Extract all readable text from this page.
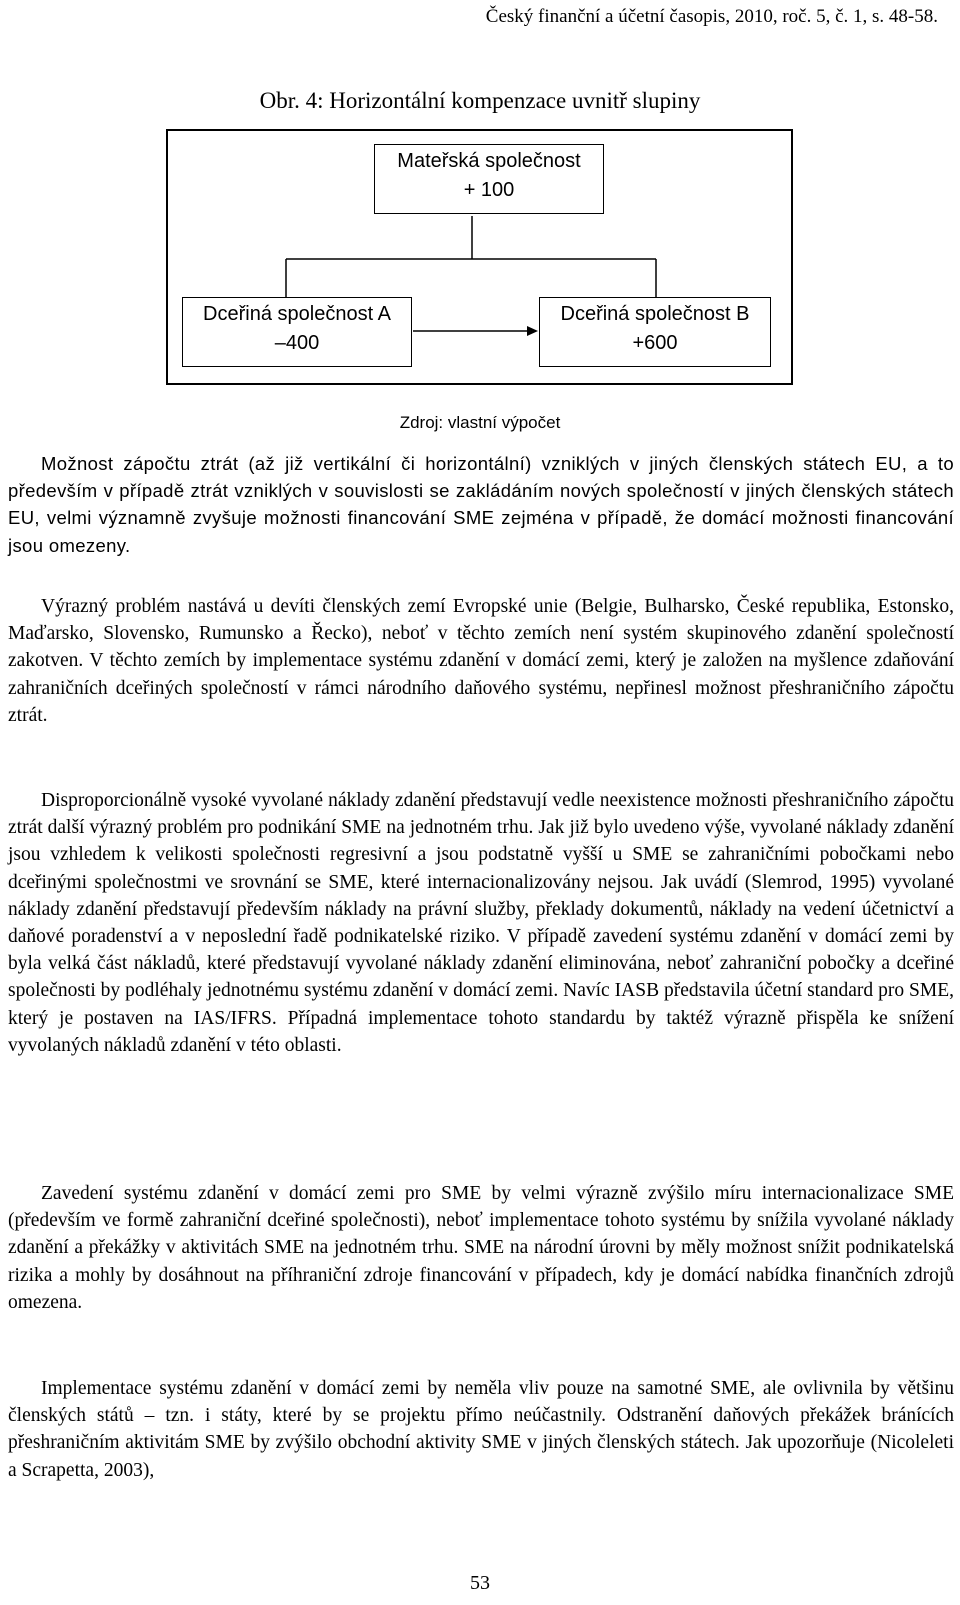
Český finanční a účetní časopis, 2010, roč. 5, č. 1, s. 48-58.
Obr. 4: Horizontální kompenzace uvnitř slupiny
Mateřská společnost
+ 100
Dceřiná společnost A
–400
Dceřiná společnost B
+600
Zdroj: vlastní výpočet

Možnost zápočtu ztrát (až již vertikální či horizontální) vzniklých v jiných členských státech EU, a to především v případě ztrát vzniklých v souvislosti se zakládáním nových společností v jiných členských státech EU, velmi významně zvyšuje možnosti financování SME zejména v případě, že domácí možnosti financování jsou omezeny.

Výrazný problém nastává u devíti členských zemí Evropské unie (Belgie, Bulharsko, České republika, Estonsko, Maďarsko, Slovensko, Rumunsko a Řecko), neboť v těchto zemích není systém skupinového zdanění společností zakotven. V těchto zemích by implementace systému zdanění v domácí zemi, který je založen na myšlence zdaňování zahraničních dceřiných společností v rámci národního daňového systému, nepřinesl možnost přeshraničního zápočtu ztrát.

Disproporcionálně vysoké vyvolané náklady zdanění představují vedle neexistence možnosti přeshraničního zápočtu ztrát další výrazný problém pro podnikání SME na jednotném trhu. Jak již bylo uvedeno výše, vyvolané náklady zdanění jsou vzhledem k velikosti společnosti regresivní a jsou podstatně vyšší u SME se zahraničními pobočkami nebo dceřinými společnostmi ve srovnání se SME, které internacionalizovány nejsou. Jak uvádí (Slemrod, 1995) vyvolané náklady zdanění představují především náklady na právní služby, překlady dokumentů, náklady na vedení účetnictví a daňové poradenství a v neposlední řadě podnikatelské riziko. V případě zavedení systému zdanění v domácí zemi by byla velká část nákladů, které představují vyvolané náklady zdanění eliminována, neboť zahraniční pobočky a dceřiné společnosti by podléhaly jednotnému systému zdanění v domácí zemi. Navíc IASB představila účetní standard pro SME, který je postaven na IAS/IFRS. Případná implementace tohoto standardu by taktéž výrazně přispěla ke snížení vyvolaných nákladů zdanění v této oblasti.

Zavedení systému zdanění v domácí zemi pro SME by velmi výrazně zvýšilo míru internacionalizace SME (především ve formě zahraniční dceřiné společnosti), neboť implementace tohoto systému by snížila vyvolané náklady zdanění a překážky v aktivitách SME na jednotném trhu. SME na národní úrovni by měly možnost snížit podnikatelská rizika a mohly by dosáhnout na příhraniční zdroje financování v případech, kdy je domácí nabídka finančních zdrojů omezena.

Implementace systému zdanění v domácí zemi by neměla vliv pouze na samotné SME, ale ovlivnila by většinu členských států – tzn. i státy, které by se projektu přímo neúčastnily. Odstranění daňových překážek bránících přeshraničním aktivitám SME by zvýšilo obchodní aktivity SME v jiných členských státech. Jak upozorňuje (Nicoleleti a Scrapetta, 2003),

53
